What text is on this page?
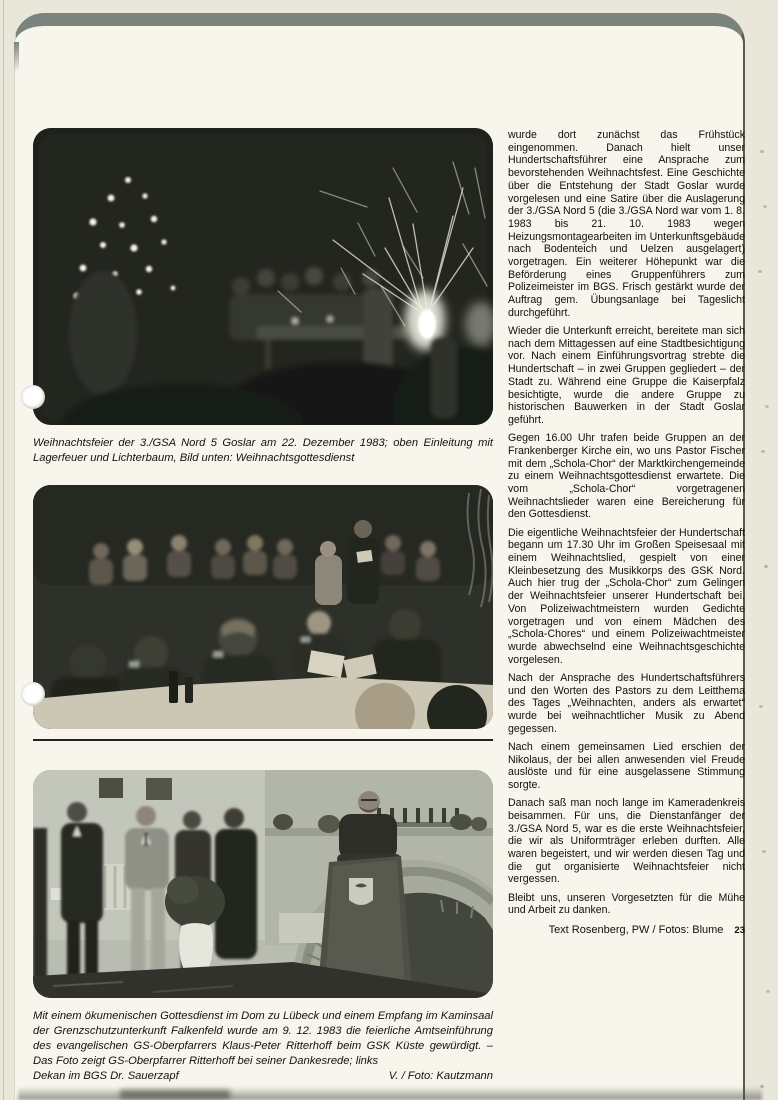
Weihnachtsfeier der 3./GSA Nord 5 Goslar am 22. Dezember 1983; oben Einleitung mit Lagerfeuer und Lichterbaum, Bild unten: Weihnachtsgottesdienst
Mit einem ökumenischen Gottesdienst im Dom zu Lübeck und einem Empfang im Kaminsaal der Grenzschutzunterkunft Falkenfeld wurde am 9. 12. 1983 die feierliche Amtseinführung des evangelischen GS-Oberpfarrers Klaus-Peter Ritterhoff beim GSK Küste gewürdigt. – Das Foto zeigt GS-Oberpfarrer Ritterhoff bei seiner Dankesrede; links
Dekan im BGS Dr. Sauerzapf	V. / Foto: Kautzmann

wurde dort zunächst das Frühstück eingenommen. Danach hielt unser Hundertschaftsführer eine Ansprache zum bevorstehenden Weihnachtsfest. Eine Geschichte über die Entstehung der Stadt Goslar wurde vorgelesen und eine Satire über die Auslagerung der 3./GSA Nord 5 (die 3./GSA Nord war vom 1. 8. 1983 bis 21. 10. 1983 wegen Heizungsmontagearbeiten im Unterkunftsgebäude nach Bodenteich und Uelzen ausgelagert) vorgetragen. Ein weiterer Höhepunkt war die Beförderung eines Gruppenführers zum Polizeimeister im BGS. Frisch gestärkt wurde der Auftrag gem. Übungsanlage bei Tageslicht durchgeführt.

Wieder die Unterkunft erreicht, bereitete man sich nach dem Mittagessen auf eine Stadtbesichtigung vor. Nach einem Einführungsvortrag strebte die Hundertschaft – in zwei Gruppen gegliedert – der Stadt zu. Während eine Gruppe die Kaiserpfalz besichtigte, wurde die andere Gruppe zu historischen Bauwerken in der Stadt Goslar geführt.

Gegen 16.00 Uhr trafen beide Gruppen an der Frankenberger Kirche ein, wo uns Pastor Fischer mit dem „Schola-Chor“ der Marktkirchengemeinde zu einem Weihnachtsgottesdienst erwartete. Die vom „Schola-Chor“ vorgetragenen Weihnachtslieder waren eine Bereicherung für den Gottesdienst.

Die eigentliche Weihnachtsfeier der Hundertschaft begann um 17.30 Uhr im Großen Speisesaal mit einem Weihnachtslied, gespielt von einer Kleinbesetzung des Musikkorps des GSK Nord. Auch hier trug der „Schola-Chor“ zum Gelingen der Weihnachtsfeier unserer Hundertschaft bei. Von Polizeiwachtmeistern wurden Gedichte vorgetragen und von einem Mädchen des „Schola-Chores“ und einem Polizeiwachtmeister wurde abwechselnd eine Weihnachtsgeschichte vorgelesen.

Nach der Ansprache des Hundertschaftsführers und den Worten des Pastors zu dem Leitthema des Tages „Weihnachten, anders als erwartet“ wurde bei weihnachtlicher Musik zu Abend gegessen.

Nach einem gemeinsamen Lied erschien der Nikolaus, der bei allen anwesenden viel Freude auslöste und für eine ausgelassene Stimmung sorgte.

Danach saß man noch lange im Kameradenkreis beisammen. Für uns, die Dienstanfänger der 3./GSA Nord 5, war es die erste Weihnachtsfeier, die wir als Uniformträger erleben durften. Alle waren begeistert, und wir werden diesen Tag und die gut organisierte Weihnachtsfeier nicht vergessen.

Bleibt uns, unseren Vorgesetzten für die Mühe und Arbeit zu danken.

Text Rosenberg, PW / Fotos: Blume 23
